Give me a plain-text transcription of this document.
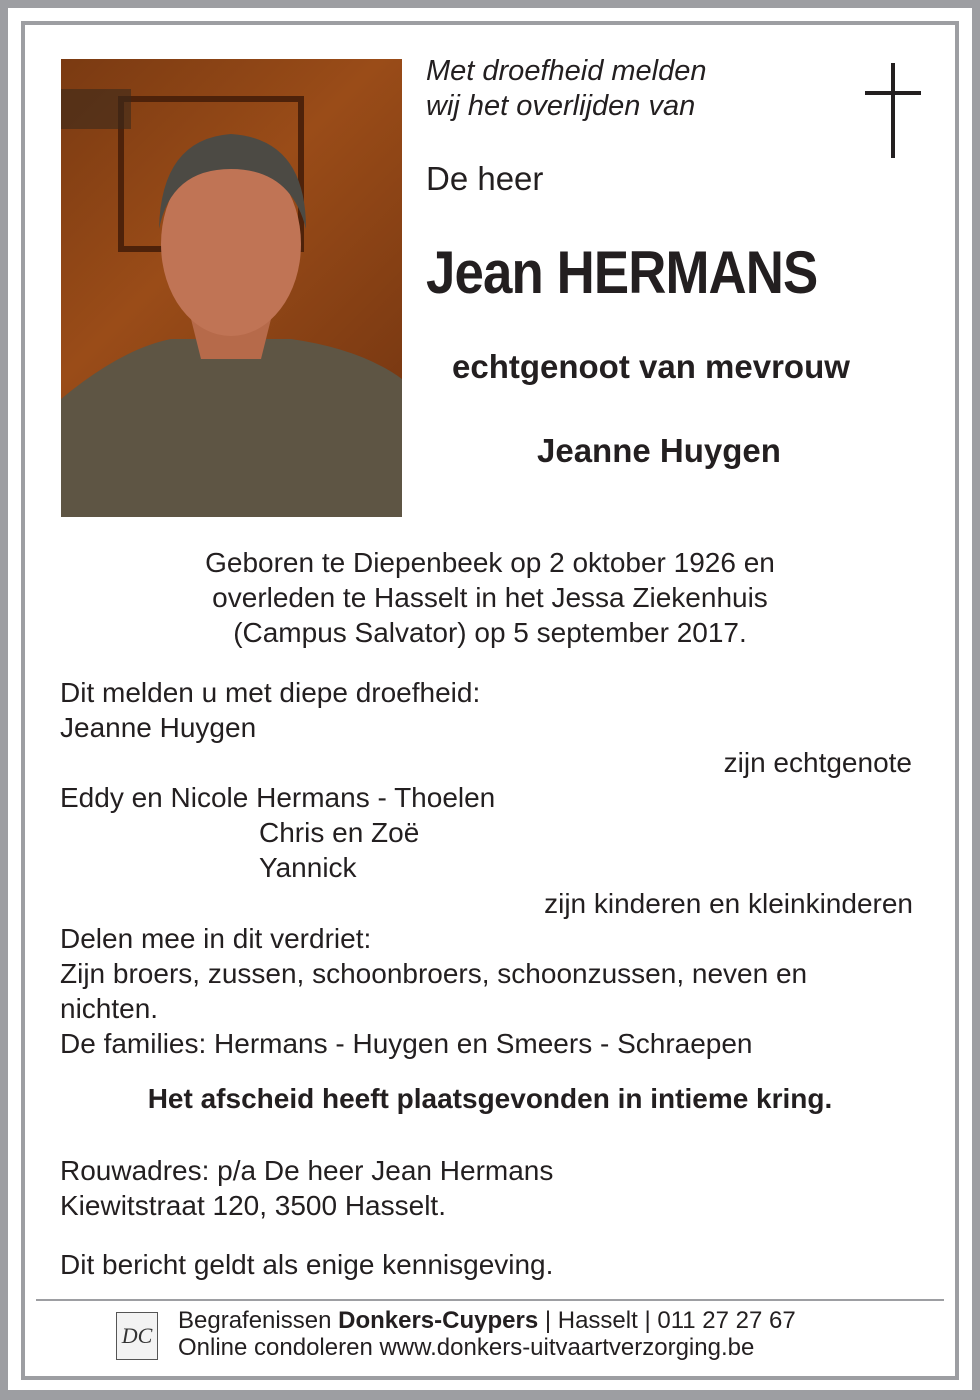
Met droefheid melden
wij het overlijden van
De heer
Jean HERMANS
echtgenoot van mevrouw
Jeanne Huygen
Geboren te Diepenbeek op 2 oktober 1926 en
overleden te Hasselt in het Jessa Ziekenhuis
(Campus Salvator) op 5 september 2017.
Dit melden u met diepe droefheid:
Jeanne Huygen
zijn echtgenote
Eddy en Nicole Hermans - Thoelen
Chris en Zoë
Yannick
zijn kinderen en kleinkinderen
Delen mee in dit verdriet:
Zijn broers, zussen, schoonbroers, schoonzussen, neven en
nichten.
De families: Hermans - Huygen en Smeers - Schraepen
Het afscheid heeft plaatsgevonden in intieme kring.
Rouwadres: p/a De heer Jean Hermans
Kiewitstraat 120, 3500 Hasselt.
Dit bericht geldt als enige kennisgeving.
DC
Begrafenissen Donkers-Cuypers | Hasselt | 011 27 27 67
Online condoleren www.donkers-uitvaartverzorging.be
